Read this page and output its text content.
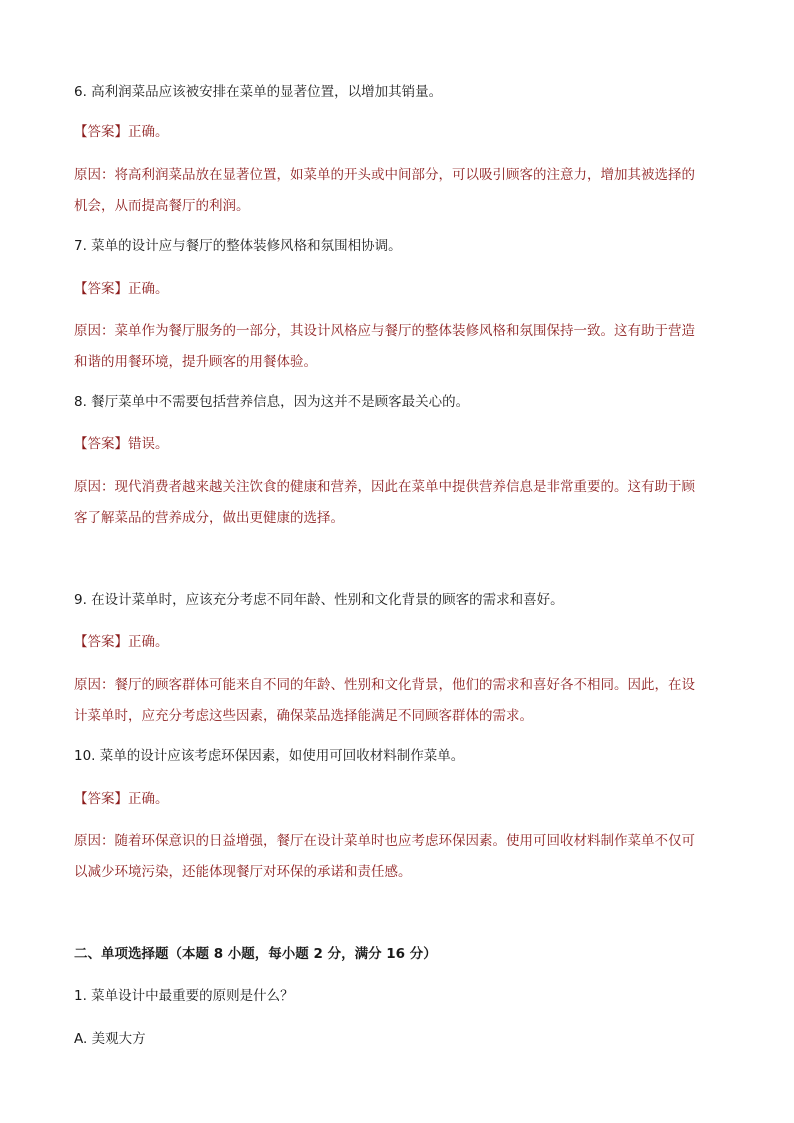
6. 高利润菜品应该被安排在菜单的显著位置，以增加其销量。
【答案】正确。
原因：将高利润菜品放在显著位置，如菜单的开头或中间部分，可以吸引顾客的注意力，增加其被选择的
机会，从而提高餐厅的利润。
7. 菜单的设计应与餐厅的整体装修风格和氛围相协调。
【答案】正确。
原因：菜单作为餐厅服务的一部分，其设计风格应与餐厅的整体装修风格和氛围保持一致。这有助于营造
和谐的用餐环境，提升顾客的用餐体验。
8. 餐厅菜单中不需要包括营养信息，因为这并不是顾客最关心的。
【答案】错误。
原因：现代消费者越来越关注饮食的健康和营养，因此在菜单中提供营养信息是非常重要的。这有助于顾
客了解菜品的营养成分，做出更健康的选择。
9. 在设计菜单时，应该充分考虑不同年龄、性别和文化背景的顾客的需求和喜好。
【答案】正确。
原因：餐厅的顾客群体可能来自不同的年龄、性别和文化背景，他们的需求和喜好各不相同。因此，在设
计菜单时，应充分考虑这些因素，确保菜品选择能满足不同顾客群体的需求。
10. 菜单的设计应该考虑环保因素，如使用可回收材料制作菜单。
【答案】正确。
原因：随着环保意识的日益增强，餐厅在设计菜单时也应考虑环保因素。使用可回收材料制作菜单不仅可
以减少环境污染，还能体现餐厅对环保的承诺和责任感。
二、单项选择题（本题 8 小题，每小题 2 分，满分 16 分）
1. 菜单设计中最重要的原则是什么？
A. 美观大方
